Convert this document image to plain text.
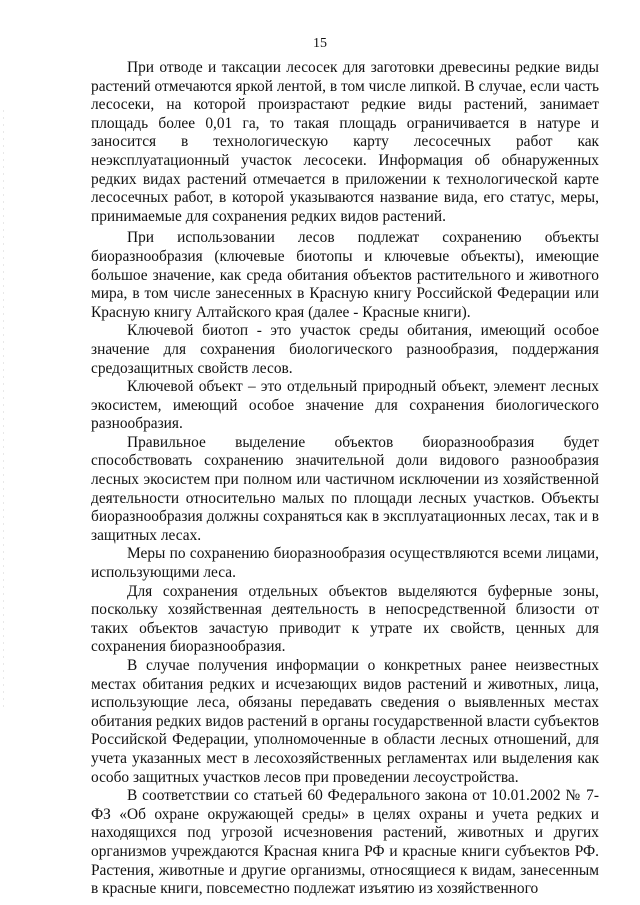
15

При отводе и таксации лесосек для заготовки древесины редкие виды растений отмечаются яркой лентой, в том числе липкой. В случае, если часть лесосеки, на которой произрастают редкие виды растений, занимает площадь более 0,01 га, то такая площадь ограничивается в натуре и заносится в технологическую карту лесосечных работ как неэксплуатационный участок лесосеки. Информация об обнаруженных редких видах растений отмечается в приложении к технологической карте лесосечных работ, в которой указываются название вида, его статус, меры, принимаемые для сохранения редких видов растений.

При использовании лесов подлежат сохранению объекты биоразнообразия (ключевые биотопы и ключевые объекты), имеющие большое значение, как среда обитания объектов растительного и животного мира, в том числе занесенных в Красную книгу Российской Федерации или Красную книгу Алтайского края (далее - Красные книги).

Ключевой биотоп - это участок среды обитания, имеющий особое значение для сохранения биологического разнообразия, поддержания средозащитных свойств лесов.

Ключевой объект – это отдельный природный объект, элемент лесных экосистем, имеющий особое значение для сохранения биологического разнообразия.

Правильное выделение объектов биоразнообразия будет способствовать сохранению значительной доли видового разнообразия лесных экосистем при полном или частичном исключении из хозяйственной деятельности относительно малых по площади лесных участков. Объекты биоразнообразия должны сохраняться как в эксплуатационных лесах, так и в защитных лесах.

Меры по сохранению биоразнообразия осуществляются всеми лицами, использующими леса.

Для сохранения отдельных объектов выделяются буферные зоны, поскольку хозяйственная деятельность в непосредственной близости от таких объектов зачастую приводит к утрате их свойств, ценных для сохранения биоразнообразия.

В случае получения информации о конкретных ранее неизвестных местах обитания редких и исчезающих видов растений и животных, лица, использующие леса, обязаны передавать сведения о выявленных местах обитания редких видов растений в органы государственной власти субъектов Российской Федерации, уполномоченные в области лесных отношений, для учета указанных мест в лесохозяйственных регламентах или выделения как особо защитных участков лесов при проведении лесоустройства.

В соответствии со статьей 60 Федерального закона от 10.01.2002 № 7-ФЗ «Об охране окружающей среды» в целях охраны и учета редких и находящихся под угрозой исчезновения растений, животных и других организмов учреждаются Красная книга РФ и красные книги субъектов РФ. Растения, животные и другие организмы, относящиеся к видам, занесенным в красные книги, повсеместно подлежат изъятию из хозяйственного
